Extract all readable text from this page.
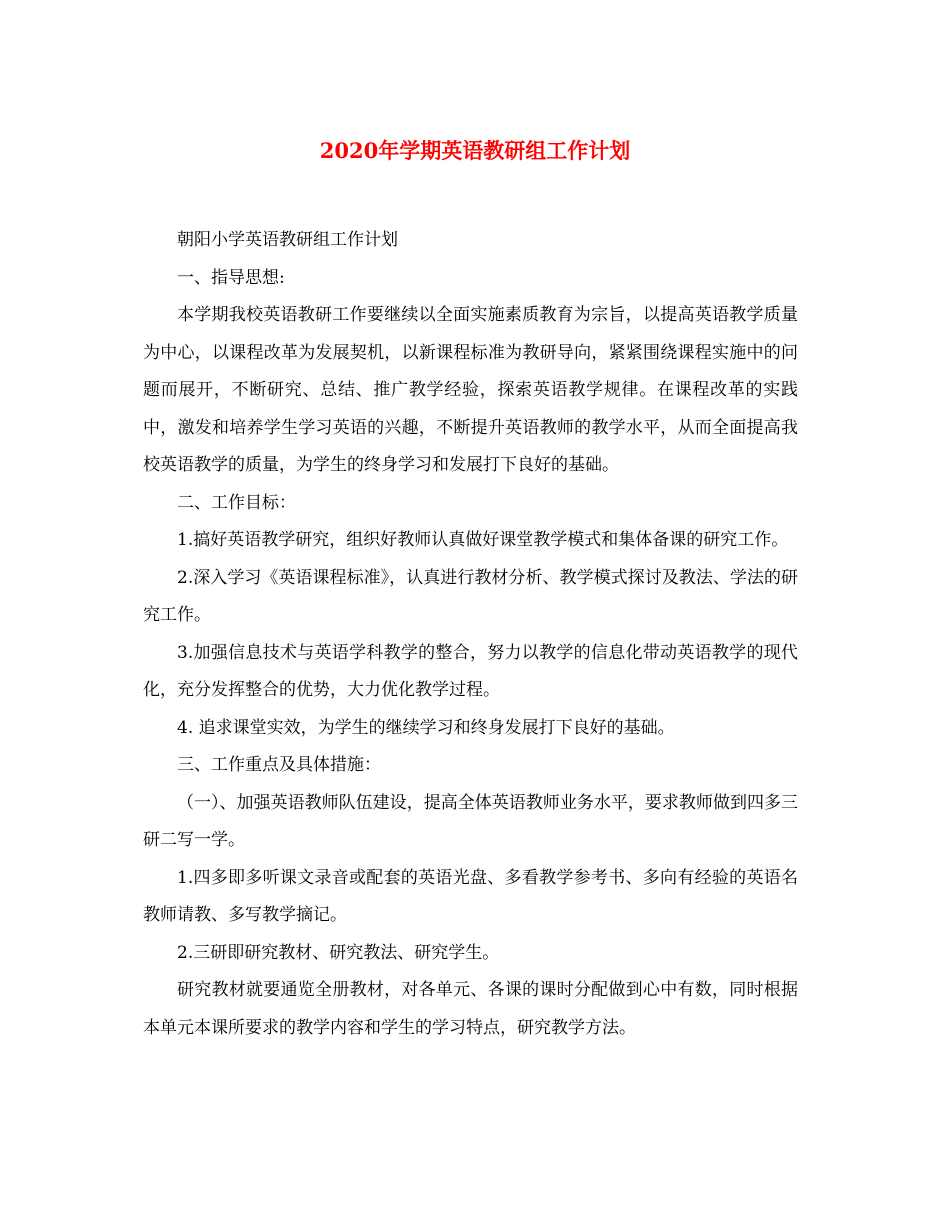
2020年学期英语教研组工作计划

朝阳小学英语教研组工作计划

一、指导思想:

本学期我校英语教研工作要继续以全面实施素质教育为宗旨，以提高英语教学质量为中心，以课程改革为发展契机，以新课程标准为教研导向，紧紧围绕课程实施中的问题而展开，不断研究、总结、推广教学经验，探索英语教学规律。在课程改革的实践中，激发和培养学生学习英语的兴趣，不断提升英语教师的教学水平，从而全面提高我校英语教学的质量，为学生的终身学习和发展打下良好的基础。

二、工作目标：

1.搞好英语教学研究，组织好教师认真做好课堂教学模式和集体备课的研究工作。

2.深入学习《英语课程标准》，认真进行教材分析、教学模式探讨及教法、学法的研究工作。

3.加强信息技术与英语学科教学的整合，努力以教学的信息化带动英语教学的现代化，充分发挥整合的优势，大力优化教学过程。

4. 追求课堂实效，为学生的继续学习和终身发展打下良好的基础。

三、工作重点及具体措施：

（一）、加强英语教师队伍建设，提高全体英语教师业务水平，要求教师做到四多三研二写一学。

1.四多即多听课文录音或配套的英语光盘、多看教学参考书、多向有经验的英语名教师请教、多写教学摘记。

2.三研即研究教材、研究教法、研究学生。

研究教材就要通览全册教材，对各单元、各课的课时分配做到心中有数，同时根据本单元本课所要求的教学内容和学生的学习特点，研究教学方法。
